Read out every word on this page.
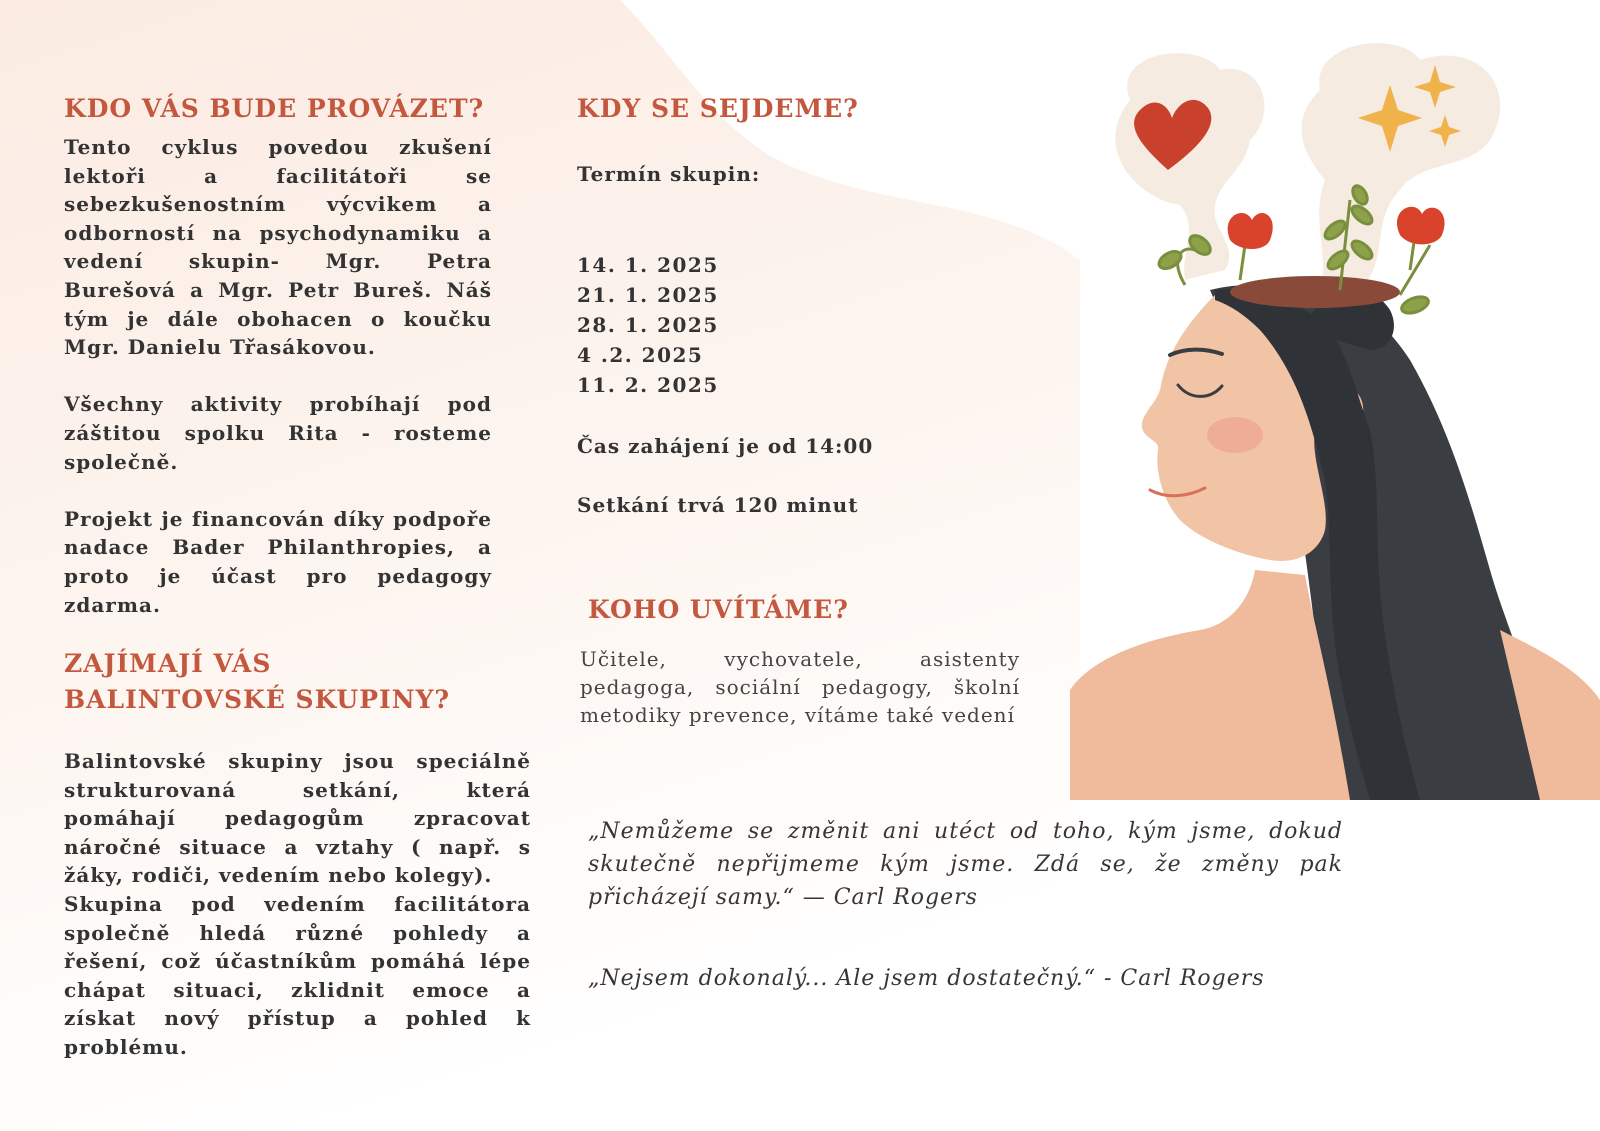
KDO VÁS BUDE PROVÁZET?

Tento cyklus povedou zkušení lektoři a facilitátoři se sebezkušenostním výcvikem a odborností na psychodynamiku a vedení skupin- Mgr. Petra Burešová a Mgr. Petr Bureš. Náš tým je dále obohacen o koučku Mgr. Danielu Třasákovou.

Všechny aktivity probíhají pod záštitou spolku Rita - rosteme společně.

Projekt je financován díky podpoře nadace Bader Philanthropies, a proto je účast pro pedagogy zdarma.

ZAJÍMAJÍ VÁS
BALINTOVSKÉ SKUPINY?

Balintovské skupiny jsou speciálně strukturovaná setkání, která pomáhají pedagogům zpracovat náročné situace a vztahy ( např. s žáky, rodiči, vedením nebo kolegy).

Skupina pod vedením facilitátora společně hledá různé pohledy a řešení, což účastníkům pomáhá lépe chápat situaci, zklidnit emoce a získat nový přístup a pohled k problému.

KDY SE SEJDEME?

Termín skupin:

14. 1. 2025
21. 1. 2025
28. 1. 2025
4 .2. 2025
11. 2. 2025

Čas zahájení je od 14:00

Setkání trvá 120 minut

KOHO UVÍTÁME?

Učitele, vychovatele, asistenty pedagoga, sociální pedagogy, školní metodiky prevence, vítáme také vedení

„Nemůžeme se změnit ani utéct od toho, kým jsme, dokud skutečně nepřijmeme kým jsme. Zdá se, že změny pak přicházejí samy.“ — Carl Rogers

„Nejsem dokonalý... Ale jsem dostatečný.“ - Carl Rogers
